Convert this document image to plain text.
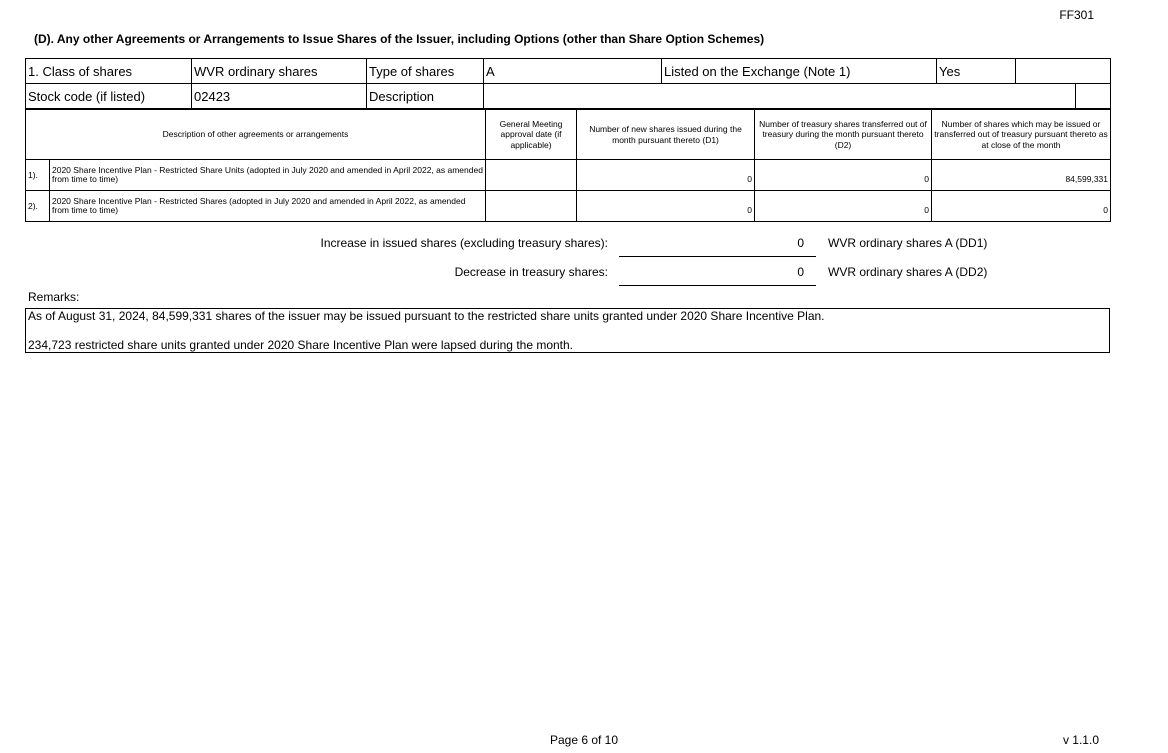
FF301
(D). Any other Agreements or Arrangements to Issue Shares of the Issuer, including Options (other than Share Option Schemes)
1. Class of shares	WVR ordinary shares	Type of shares	A	Listed on the Exchange (Note 1)	Yes		
Stock code (if listed)	02423	Description					
Description of other agreements or arrangements		General Meeting approval date (if applicable)	Number of new shares issued during the month pursuant thereto (D1)	Number of treasury shares transferred out of treasury during the month pursuant thereto (D2)	Number of shares which may be issued or transferred out of treasury pursuant thereto as at close of the month
1).	2020 Share Incentive Plan - Restricted Share Units (adopted in July 2020 and amended in April 2022, as amended from time to time)		0	0	84,599,331
2).	2020 Share Incentive Plan - Restricted Shares (adopted in July 2020 and amended in April 2022, as amended from time to time)		0	0	0
Increase in issued shares (excluding treasury shares):	0 WVR ordinary shares A (DD1)
Decrease in treasury shares:	0 WVR ordinary shares A (DD2)
Remarks:
As of August 31, 2024, 84,599,331 shares of the issuer may be issued pursuant to the restricted share units granted under 2020 Share Incentive Plan.
234,723 restricted share units granted under 2020 Share Incentive Plan were lapsed during the month.
Page 6 of 10	v 1.1.0
